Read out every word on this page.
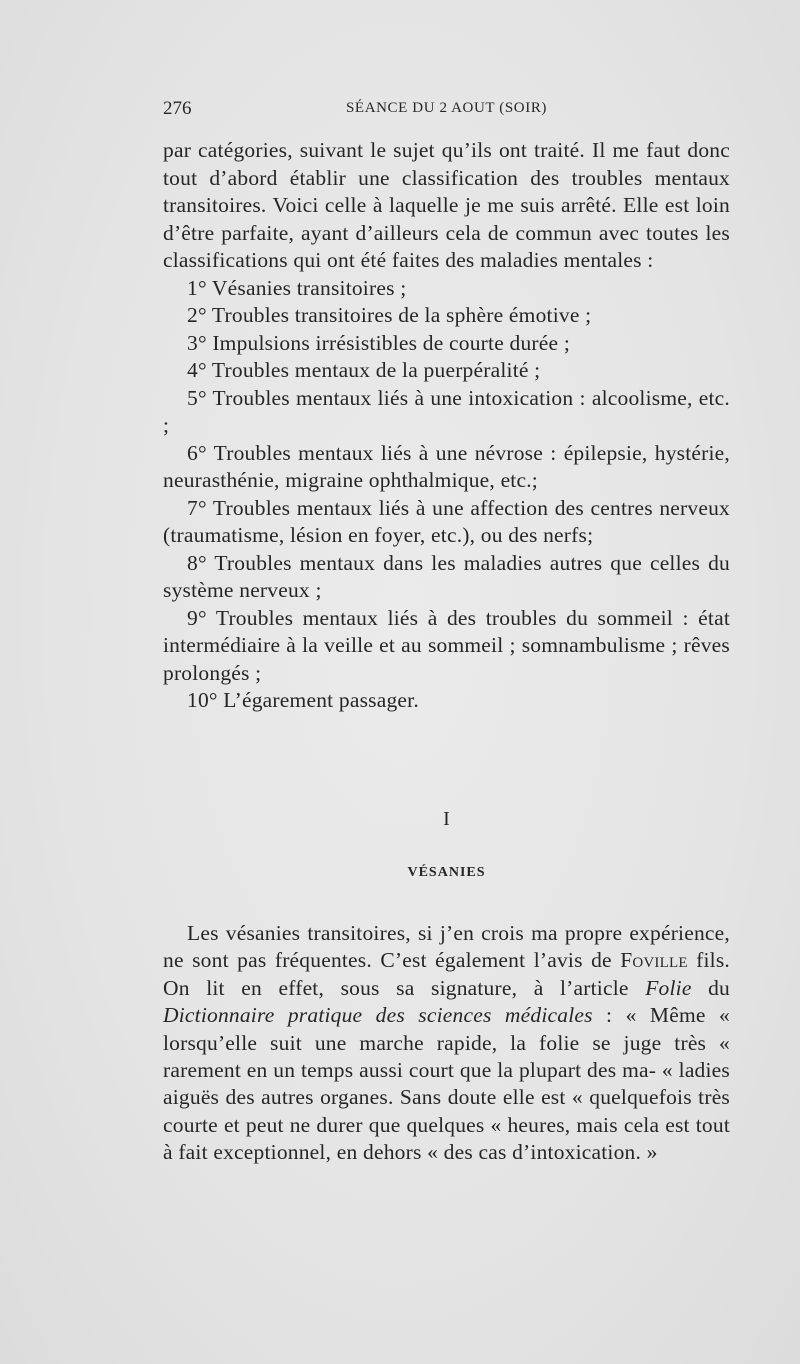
276	SÉANCE DU 2 AOUT (SOIR)

par catégories, suivant le sujet qu’ils ont traité. Il me faut donc tout d’abord établir une classification des troubles mentaux transitoires. Voici celle à laquelle je me suis arrêté. Elle est loin d’être parfaite, ayant d’ailleurs cela de commun avec toutes les classifications qui ont été faites des maladies mentales :

1° Vésanies transitoires ;

2° Troubles transitoires de la sphère émotive ;

3° Impulsions irrésistibles de courte durée ;

4° Troubles mentaux de la puerpéralité ;

5° Troubles mentaux liés à une intoxication : alcoolisme, etc. ;

6° Troubles mentaux liés à une névrose : épilepsie, hystérie, neurasthénie, migraine ophthalmique, etc.;

7° Troubles mentaux liés à une affection des centres nerveux (traumatisme, lésion en foyer, etc.), ou des nerfs;

8° Troubles mentaux dans les maladies autres que celles du système nerveux ;

9° Troubles mentaux liés à des troubles du sommeil : état intermédiaire à la veille et au sommeil ; somnambulisme ; rêves prolongés ;

10° L’égarement passager.

I
VÉSANIES

Les vésanies transitoires, si j’en crois ma propre expérience, ne sont pas fréquentes. C’est également l’avis de Foville fils. On lit en effet, sous sa signature, à l’article Folie du Dictionnaire pratique des sciences médicales : « Même « lorsqu’elle suit une marche rapide, la folie se juge très « rarement en un temps aussi court que la plupart des ma- « ladies aiguës des autres organes. Sans doute elle est « quelquefois très courte et peut ne durer que quelques « heures, mais cela est tout à fait exceptionnel, en dehors « des cas d’intoxication. »
